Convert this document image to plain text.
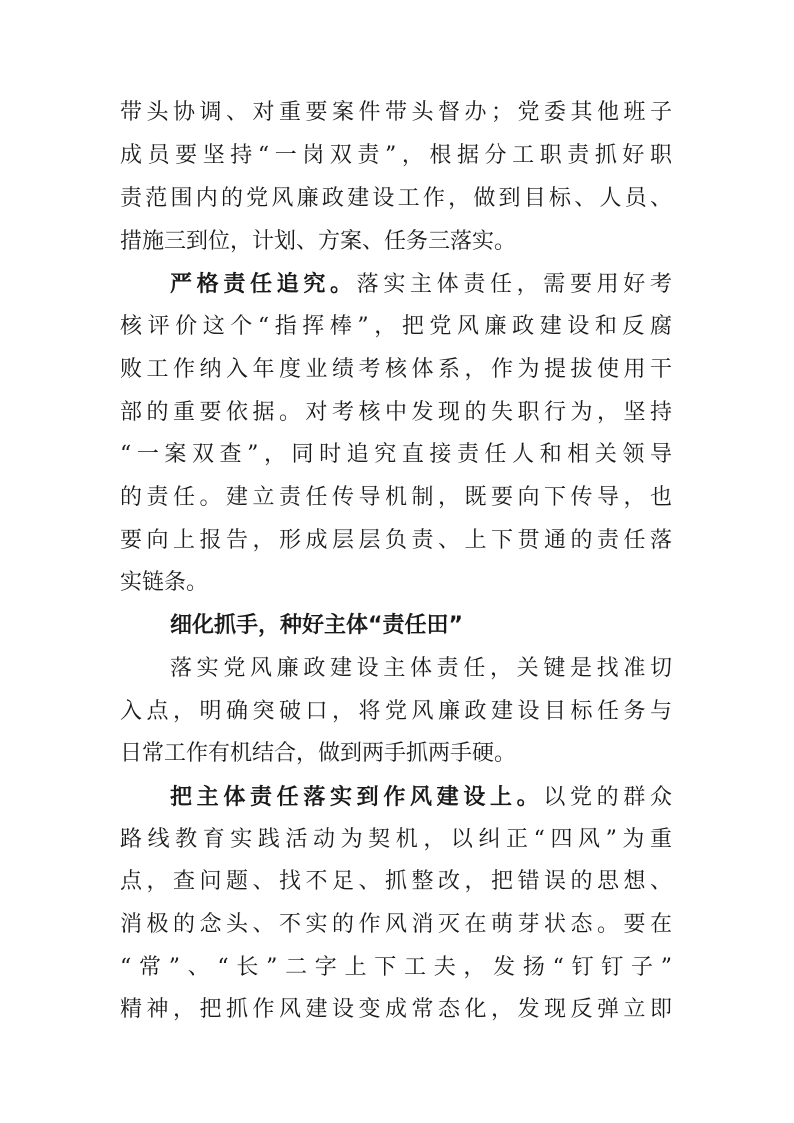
带头协调、对重要案件带头督办；党委其他班子
成员要坚持“一岗双责”，根据分工职责抓好职
责范围内的党风廉政建设工作，做到目标、人员、
措施三到位，计划、方案、任务三落实。
严格责任追究。落实主体责任，需要用好考
核评价这个“指挥棒”，把党风廉政建设和反腐
败工作纳入年度业绩考核体系，作为提拔使用干
部的重要依据。对考核中发现的失职行为，坚持
“一案双查”，同时追究直接责任人和相关领导
的责任。建立责任传导机制，既要向下传导，也
要向上报告，形成层层负责、上下贯通的责任落
实链条。
细化抓手，种好主体“责任田”
落实党风廉政建设主体责任，关键是找准切
入点，明确突破口，将党风廉政建设目标任务与
日常工作有机结合，做到两手抓两手硬。
把主体责任落实到作风建设上。以党的群众
路线教育实践活动为契机，以纠正“四风”为重
点，查问题、找不足、抓整改，把错误的思想、
消极的念头、不实的作风消灭在萌芽状态。要在
“常”、“长”二字上下工夫，发扬“钉钉子”
精神，把抓作风建设变成常态化，发现反弹立即
